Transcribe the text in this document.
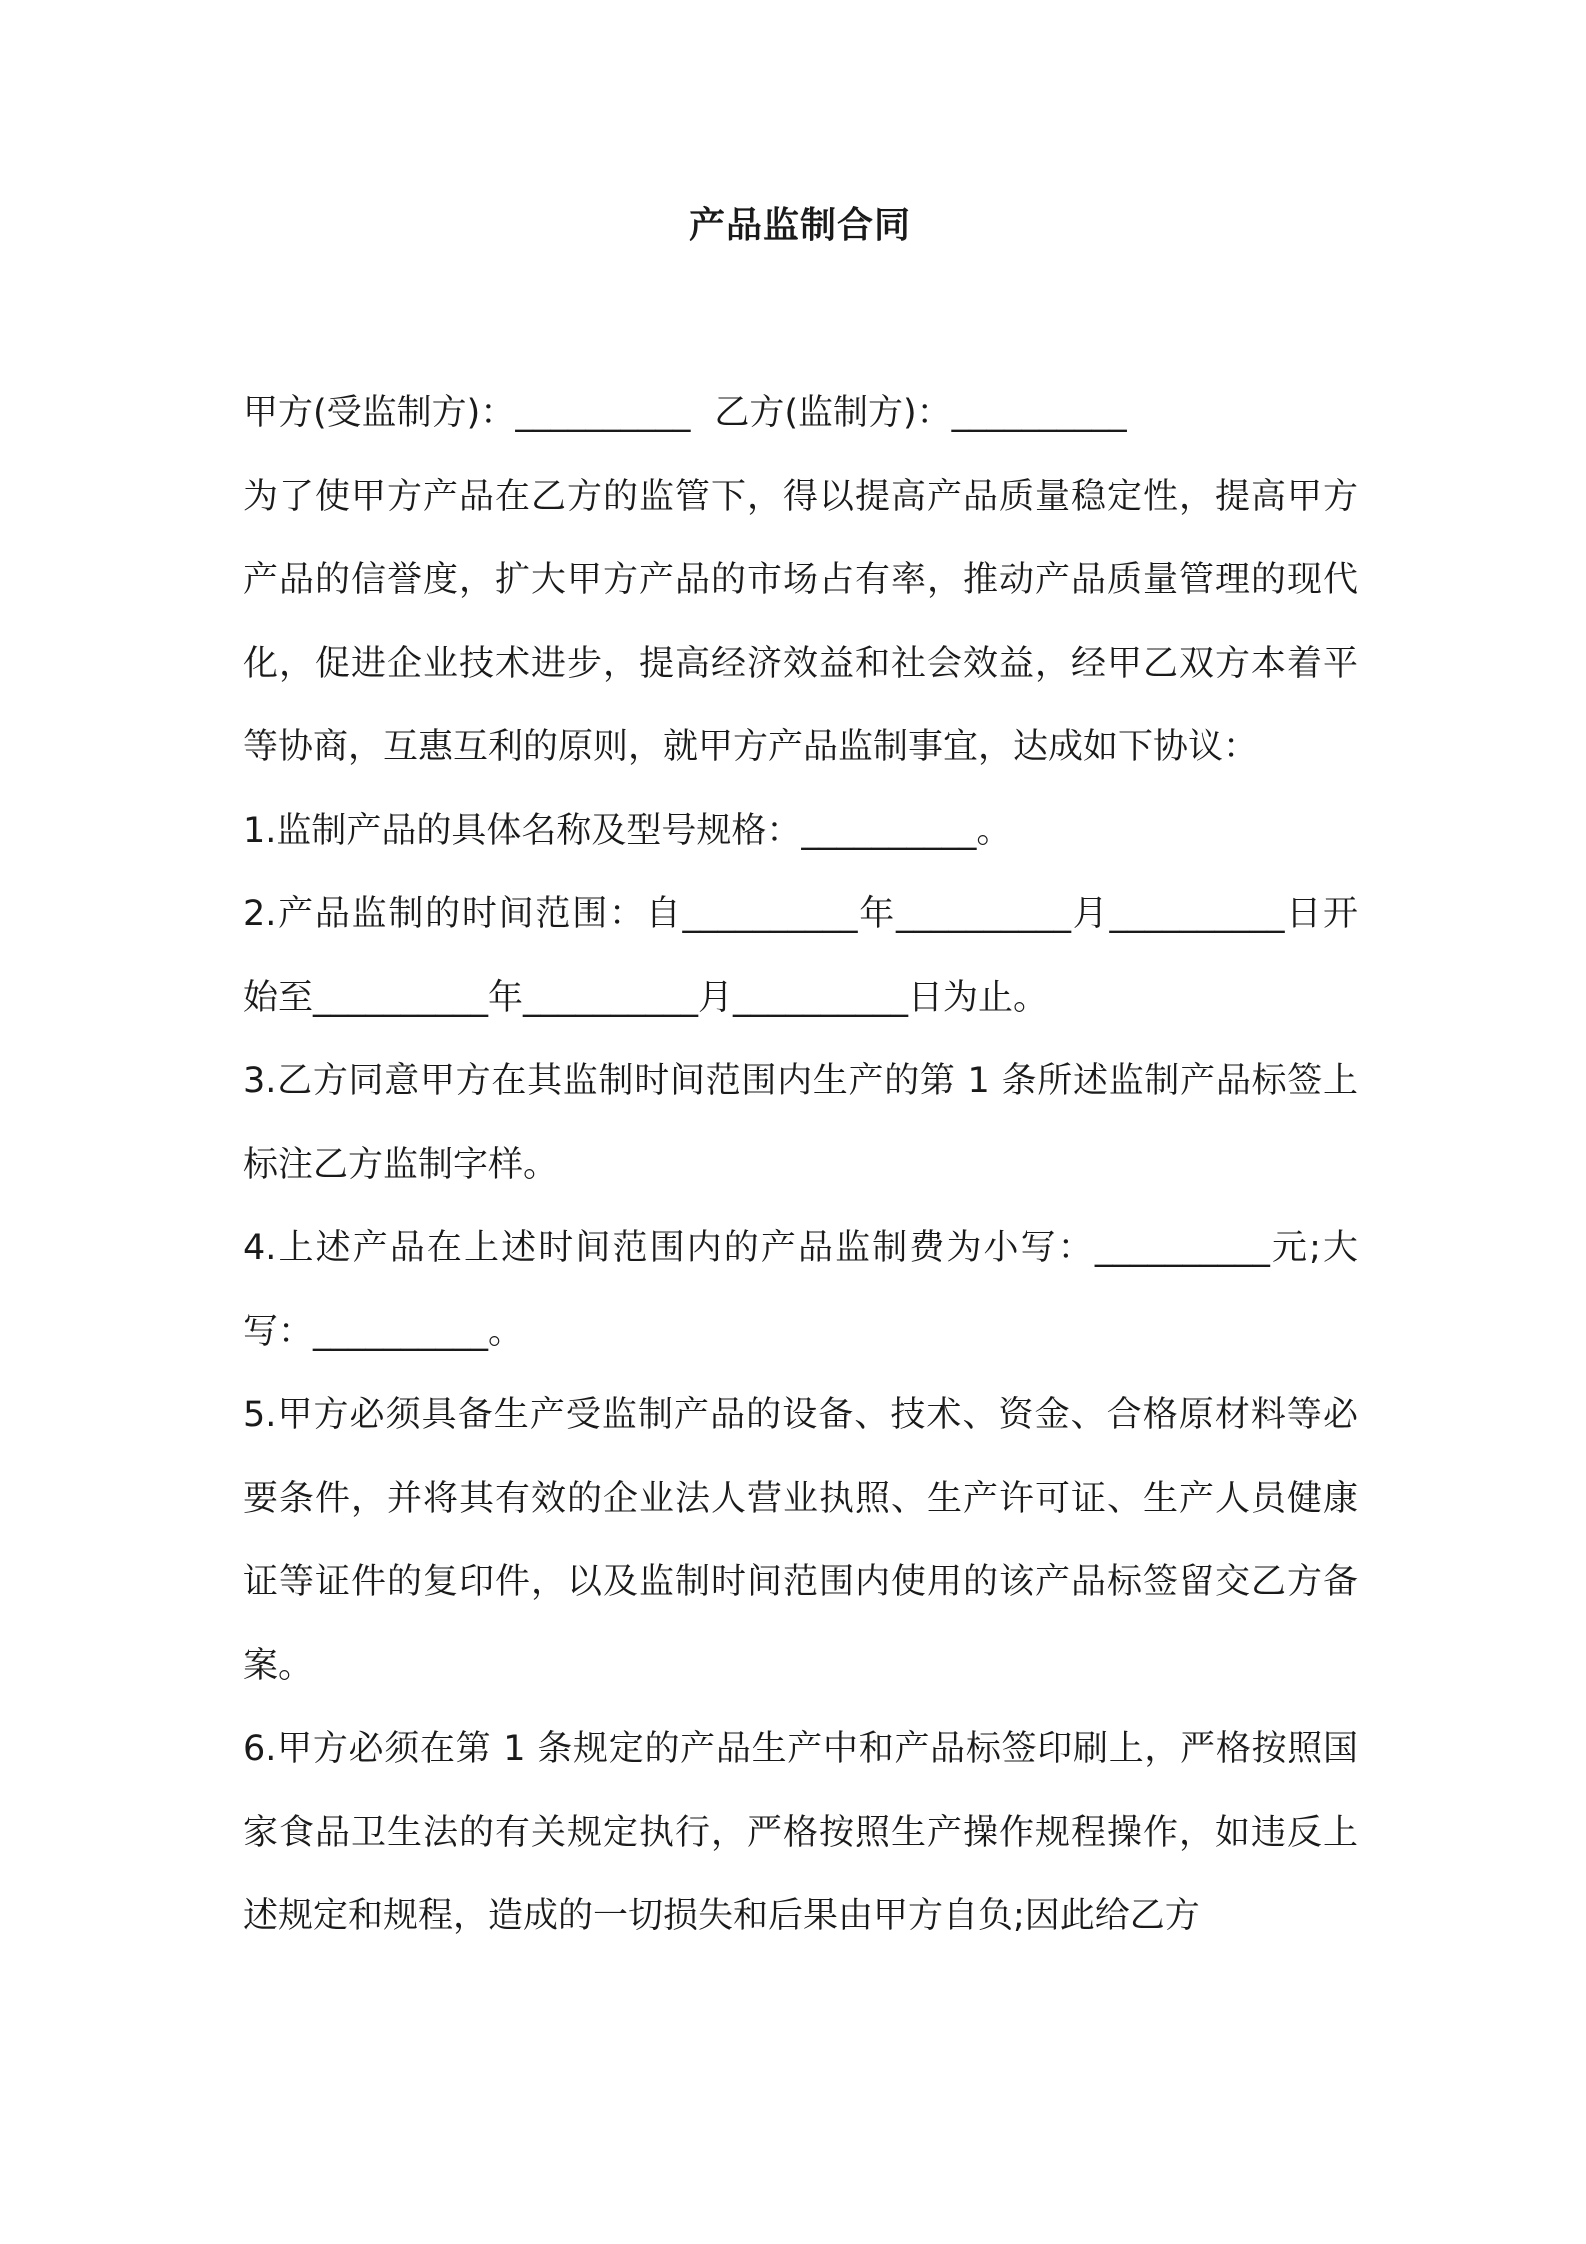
产品监制合同

甲方(受监制方)：__________ 乙方(监制方)：__________

为了使甲方产品在乙方的监管下，得以提高产品质量稳定性，提高甲方产品的信誉度，扩大甲方产品的市场占有率，推动产品质量管理的现代化，促进企业技术进步，提高经济效益和社会效益，经甲乙双方本着平等协商，互惠互利的原则，就甲方产品监制事宜，达成如下协议：

1.监制产品的具体名称及型号规格：__________。

2.产品监制的时间范围：自__________年__________月__________日开始至__________年__________月__________日为止。

3.乙方同意甲方在其监制时间范围内生产的第 1 条所述监制产品标签上标注乙方监制字样。

4.上述产品在上述时间范围内的产品监制费为小写：__________元;大写：__________。

5.甲方必须具备生产受监制产品的设备、技术、资金、合格原材料等必要条件，并将其有效的企业法人营业执照、生产许可证、生产人员健康证等证件的复印件，以及监制时间范围内使用的该产品标签留交乙方备案。

6.甲方必须在第 1 条规定的产品生产中和产品标签印刷上，严格按照国家食品卫生法的有关规定执行，严格按照生产操作规程操作，如违反上述规定和规程，造成的一切损失和后果由甲方自负;因此给乙方
